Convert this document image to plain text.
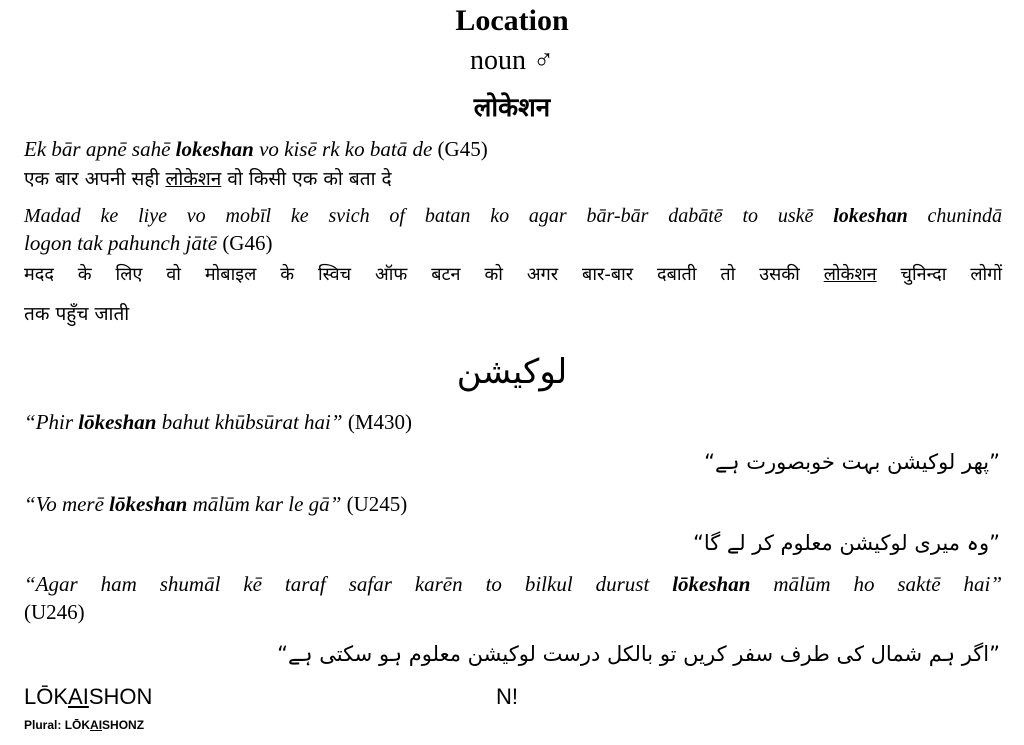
Location
noun ♂
लोकेशन
Ek bār apnē sahē lokeshan vo kisē rk ko batā de (G45)
एक बार अपनी सही लोकेशन वो किसी एक को बता दे
Madad ke liye vo mobīl ke svich of batan ko agar bār-bār dabātē to uskē lokeshan chunindā
logon tak pahunch jātē (G46)
मदद के लिए वो मोबाइल के स्विच ऑफ बटन को अगर बार-बार दबाती तो उसकी लोकेशन चुनिन्दा लोगों
तक पहुँच जाती
لوکیشن
“Phir lōkeshan bahut khūbsūrat hai” (M430)
”پھر لوکیشن بہت خوبصورت ہے“
“Vo merē lōkeshan mālūm kar le gā” (U245)
”وہ میری لوکیشن معلوم کر لے گا“
“Agar ham shumāl kē taraf safar karēn to bilkul durust lōkeshan mālūm ho saktē hai”
(U246)
”اگر ہم شمال کی طرف سفر کریں تو بالکل درست لوکیشن معلوم ہو سکتی ہے“
LŌKAISHON
Plural: LŌKAISHONZ
N!
